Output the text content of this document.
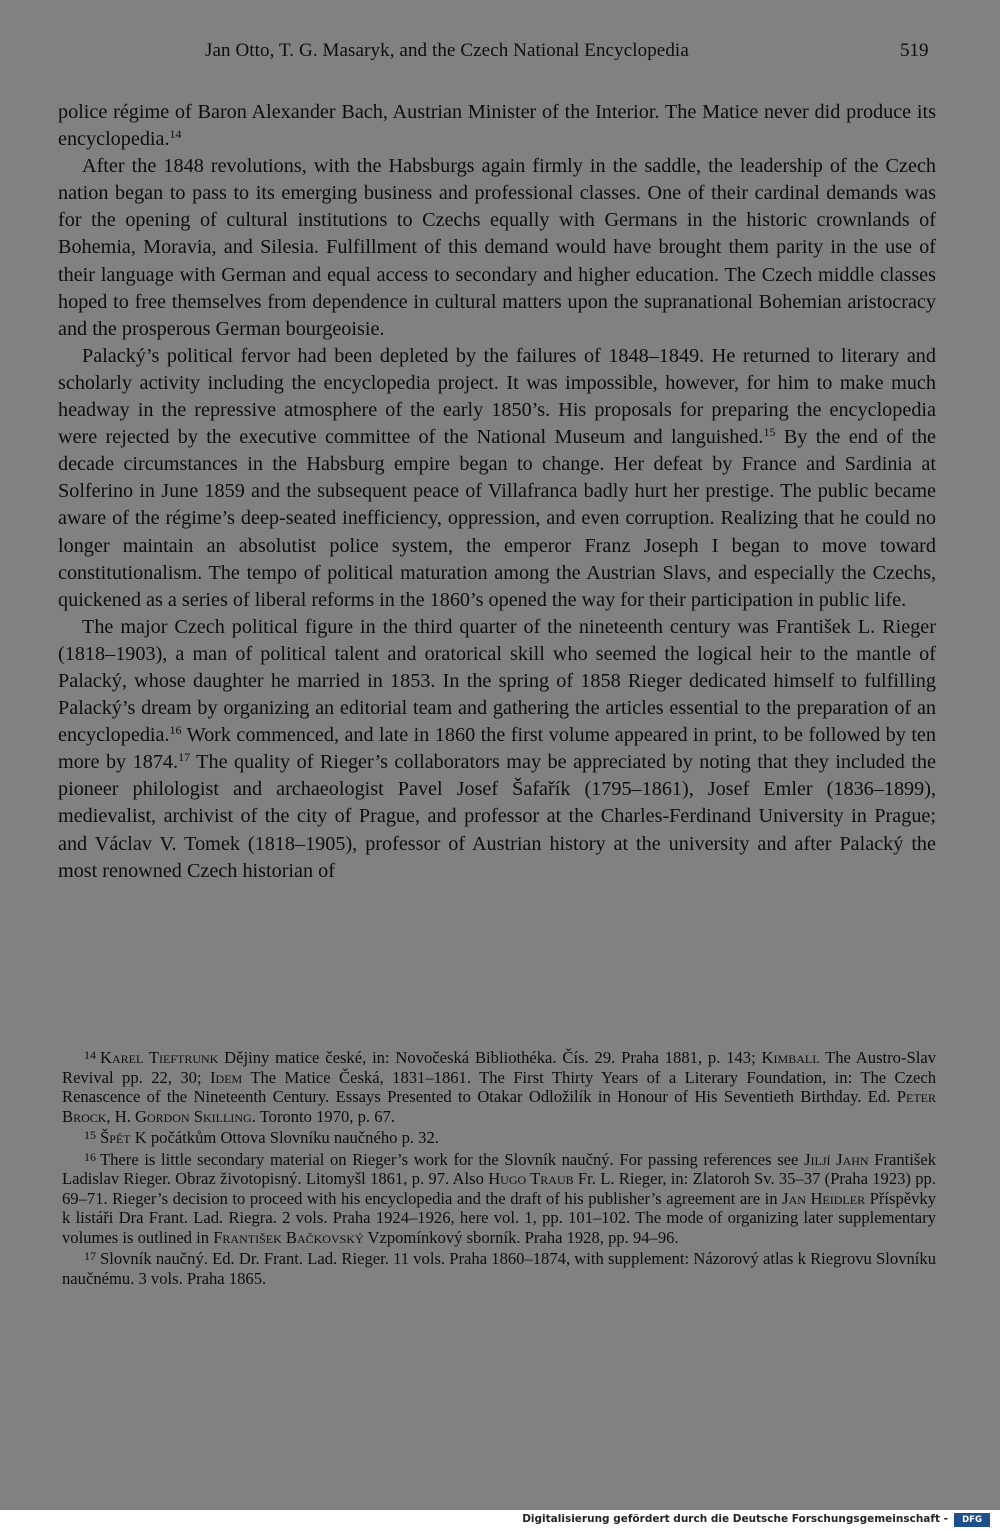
Jan Otto, T. G. Masaryk, and the Czech National Encyclopedia	519

police régime of Baron Alexander Bach, Austrian Minister of the Interior. The Matice never did produce its encyclopedia.$^{14}$

After the 1848 revolutions, with the Habsburgs again firmly in the saddle, the leadership of the Czech nation began to pass to its emerging business and professional classes. One of their cardinal demands was for the opening of cultural institutions to Czechs equally with Germans in the historic crownlands of Bohemia, Moravia, and Silesia. Fulfillment of this demand would have brought them parity in the use of their language with German and equal access to secondary and higher education. The Czech middle classes hoped to free themselves from dependence in cultural matters upon the supranational Bohemian aristocracy and the prosperous German bourgeoisie.

Palacký’s political fervor had been depleted by the failures of 1848–1849. He returned to literary and scholarly activity including the encyclopedia project. It was impossible, however, for him to make much headway in the repressive atmosphere of the early 1850’s. His proposals for preparing the encyclopedia were rejected by the executive committee of the National Museum and languished.$^{15}$ By the end of the decade circumstances in the Habsburg empire began to change. Her defeat by France and Sardinia at Solferino in June 1859 and the subsequent peace of Villafranca badly hurt her prestige. The public became aware of the régime’s deep-seated inefficiency, oppression, and even corruption. Realizing that he could no longer maintain an absolutist police system, the emperor Franz Joseph I began to move toward constitutionalism. The tempo of political maturation among the Austrian Slavs, and especially the Czechs, quickened as a series of liberal reforms in the 1860’s opened the way for their participation in public life.

The major Czech political figure in the third quarter of the nineteenth century was František L. Rieger (1818–1903), a man of political talent and oratorical skill who seemed the logical heir to the mantle of Palacký, whose daughter he married in 1853. In the spring of 1858 Rieger dedicated himself to fulfilling Palacký’s dream by organizing an editorial team and gathering the articles essential to the preparation of an encyclopedia.$^{16}$ Work commenced, and late in 1860 the first volume appeared in print, to be followed by ten more by 1874.17 The quality of Rieger’s collaborators may be appreciated by noting that they included the pioneer philologist and archaeologist Pavel Josef Šafařík (1795–1861), Josef Emler (1836–1899), medievalist, archivist of the city of Prague, and professor at the Charles-Ferdinand University in Prague; and Václav V. Tomek (1818–1905), professor of Austrian history at the university and after Palacký the most renowned Czech historian of

$^{14}$ Karel Tieftrunk Dějiny matice české, in: Novočeská Bibliothéka. Čís. 29. Praha 1881, p. 143; Kimball The Austro-Slav Revival pp. 22, 30; Idem The Matice Česká, 1831–1861. The First Thirty Years of a Literary Foundation, in: The Czech Renascence of the Nineteenth Century. Essays Presented to Otakar Odložilík in Honour of His Seventieth Birthday. Ed. Peter Brock, H. Gordon Skilling. Toronto 1970, p. 67.

$^{15}$ Špét K počátkům Ottova Slovníku naučného p. 32.

$^{16}$ There is little secondary material on Rieger’s work for the Slovník naučný. For passing references see Jiljí Jahn František Ladislav Rieger. Obraz životopisný. Litomyšl 1861, p. 97. Also Hugo Traub Fr. L. Rieger, in: Zlatoroh Sv. 35–37 (Praha 1923) pp. 69–71. Rieger’s decision to proceed with his encyclopedia and the draft of his publisher’s agreement are in Jan Heidler Příspěvky k listáři Dra Frant. Lad. Riegra. 2 vols. Praha 1924–1926, here vol. 1, pp. 101–102. The mode of organizing later supplementary volumes is outlined in František Bačkovský Vzpomínkový sborník. Praha 1928, pp. 94–96.

$^{17}$ Slovník naučný. Ed. Dr. Frant. Lad. Rieger. 11 vols. Praha 1860–1874, with supplement: Názorový atlas k Riegrovu Slovníku naučnému. 3 vols. Praha 1865.

Digitalisierung gefördert durch die Deutsche Forschungsgemeinschaft -	DFG
